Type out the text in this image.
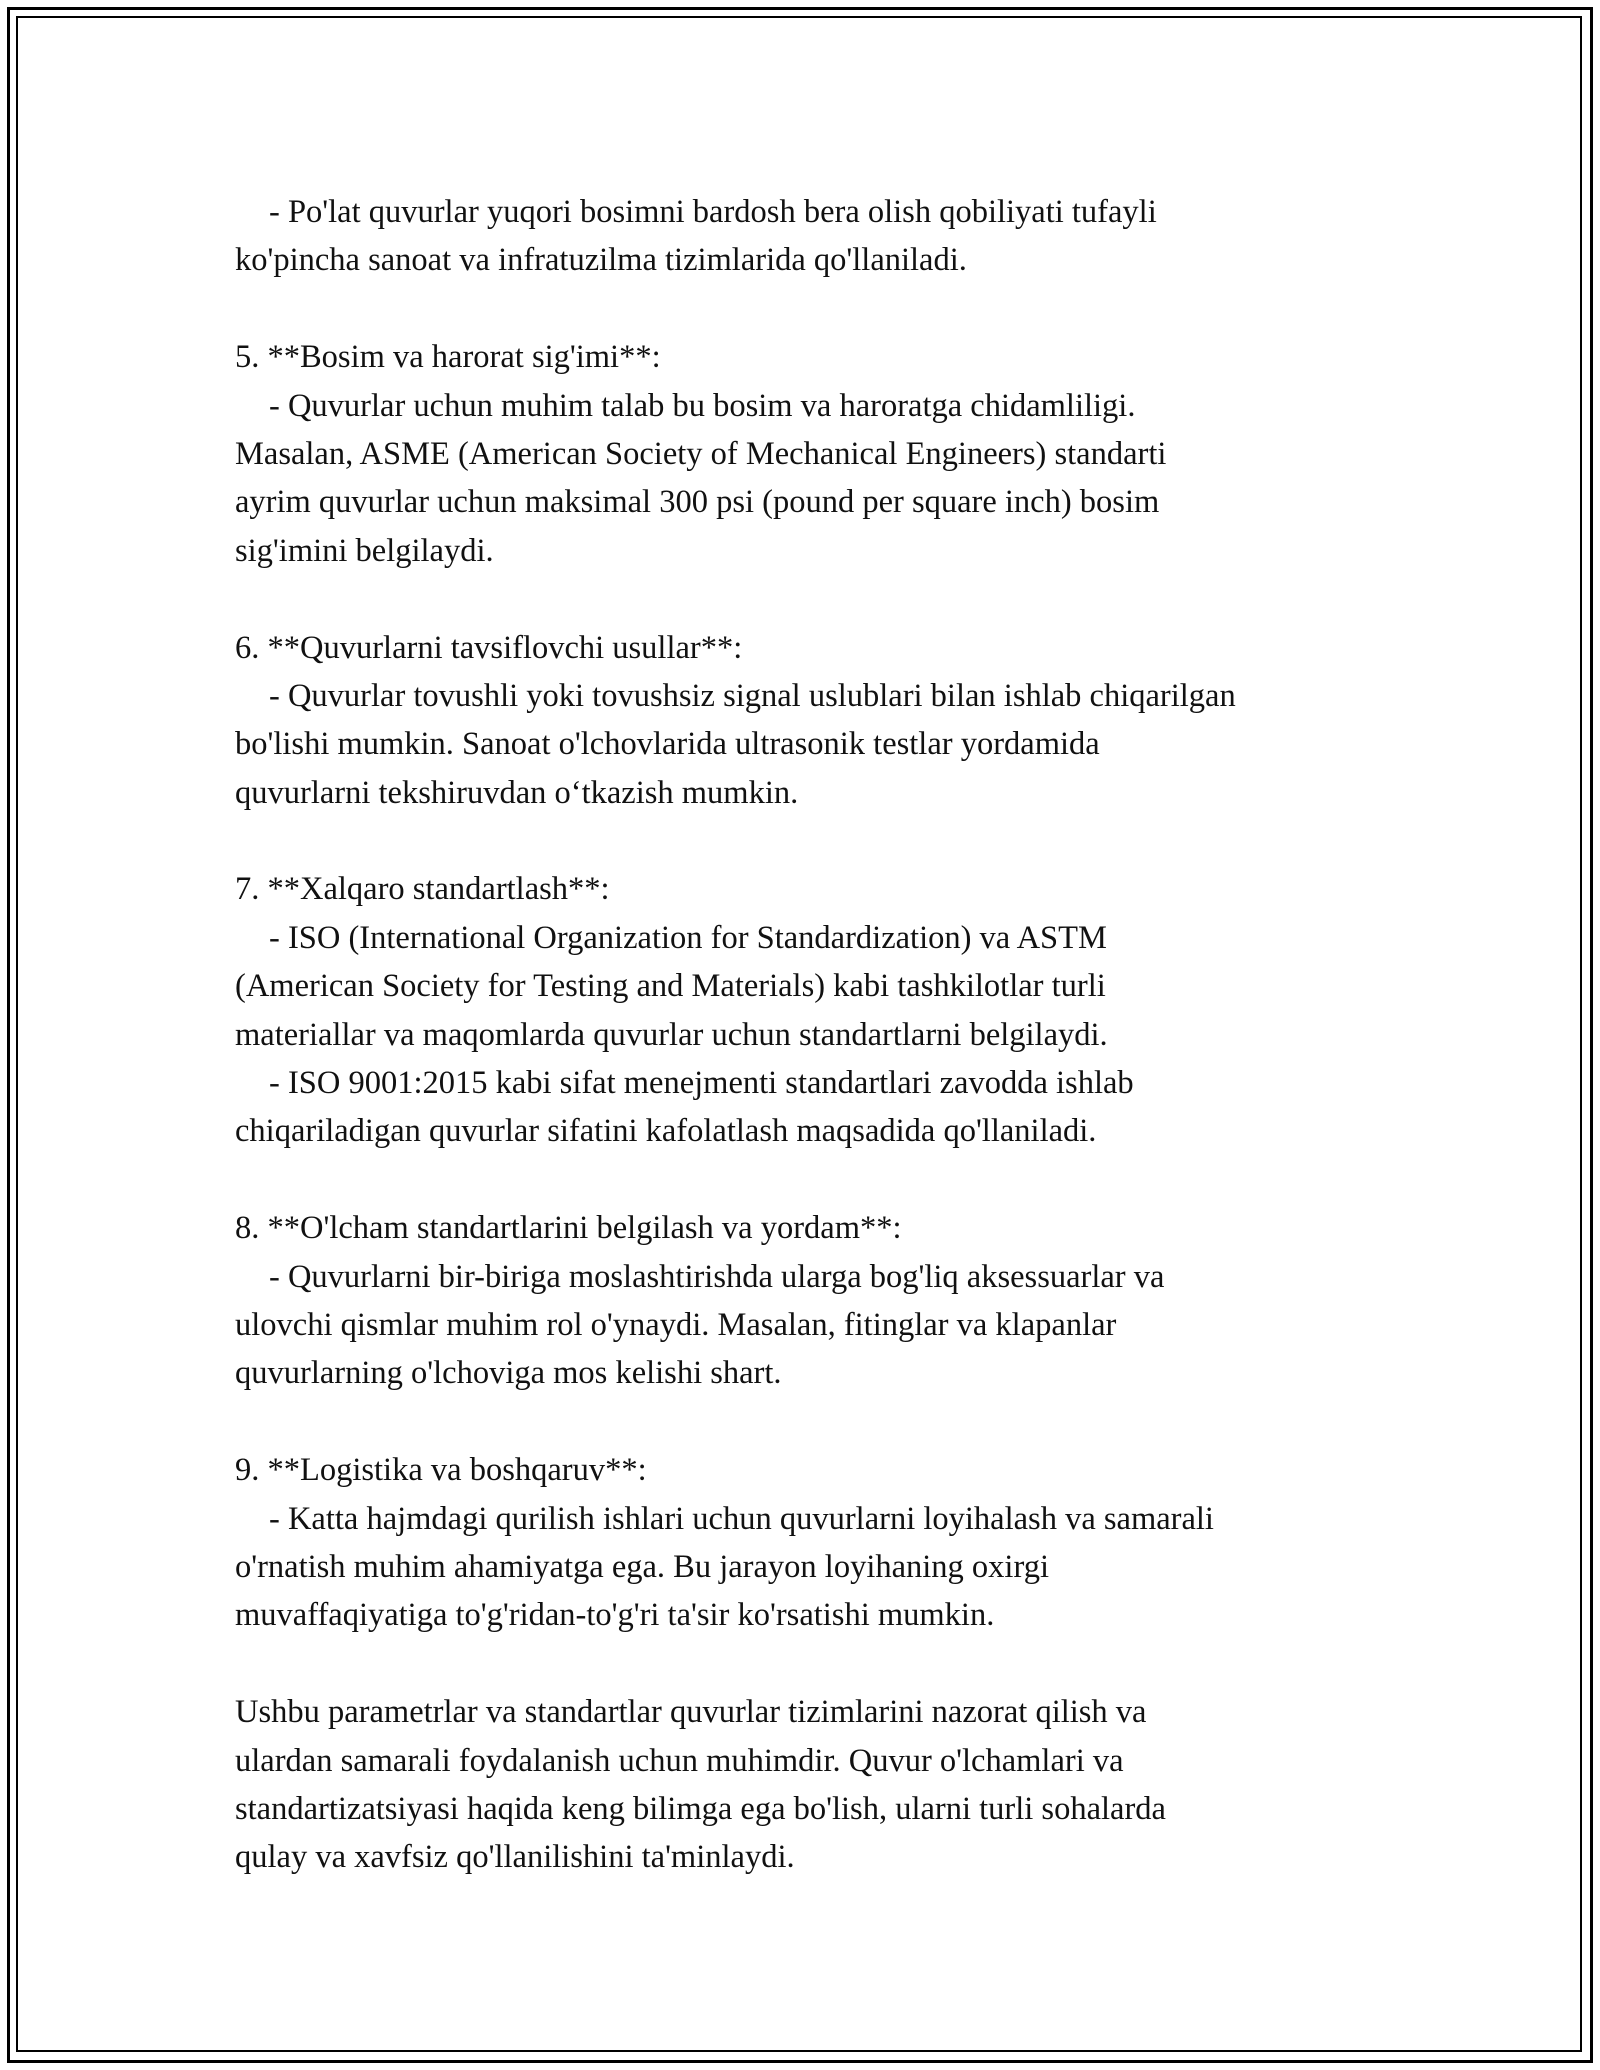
- Po'lat quvurlar yuqori bosimni bardosh bera olish qobiliyati tufayli
ko'pincha sanoat va infratuzilma tizimlarida qo'llaniladi.
5. **Bosim va harorat sig'imi**:
- Quvurlar uchun muhim talab bu bosim va haroratga chidamliligi.
Masalan, ASME (American Society of Mechanical Engineers) standarti
ayrim quvurlar uchun maksimal 300 psi (pound per square inch) bosim
sig'imini belgilaydi.
6. **Quvurlarni tavsiflovchi usullar**:
- Quvurlar tovushli yoki tovushsiz signal uslublari bilan ishlab chiqarilgan
bo'lishi mumkin. Sanoat o'lchovlarida ultrasonik testlar yordamida
quvurlarni tekshiruvdan o‘tkazish mumkin.
7. **Xalqaro standartlash**:
- ISO (International Organization for Standardization) va ASTM
(American Society for Testing and Materials) kabi tashkilotlar turli
materiallar va maqomlarda quvurlar uchun standartlarni belgilaydi.
- ISO 9001:2015 kabi sifat menejmenti standartlari zavodda ishlab
chiqariladigan quvurlar sifatini kafolatlash maqsadida qo'llaniladi.
8. **O'lcham standartlarini belgilash va yordam**:
- Quvurlarni bir-biriga moslashtirishda ularga bog'liq aksessuarlar va
ulovchi qismlar muhim rol o'ynaydi. Masalan, fitinglar va klapanlar
quvurlarning o'lchoviga mos kelishi shart.
9. **Logistika va boshqaruv**:
- Katta hajmdagi qurilish ishlari uchun quvurlarni loyihalash va samarali
o'rnatish muhim ahamiyatga ega. Bu jarayon loyihaning oxirgi
muvaffaqiyatiga to'g'ridan-to'g'ri ta'sir ko'rsatishi mumkin.
Ushbu parametrlar va standartlar quvurlar tizimlarini nazorat qilish va
ulardan samarali foydalanish uchun muhimdir. Quvur o'lchamlari va
standartizatsiyasi haqida keng bilimga ega bo'lish, ularni turli sohalarda
qulay va xavfsiz qo'llanilishini ta'minlaydi.
